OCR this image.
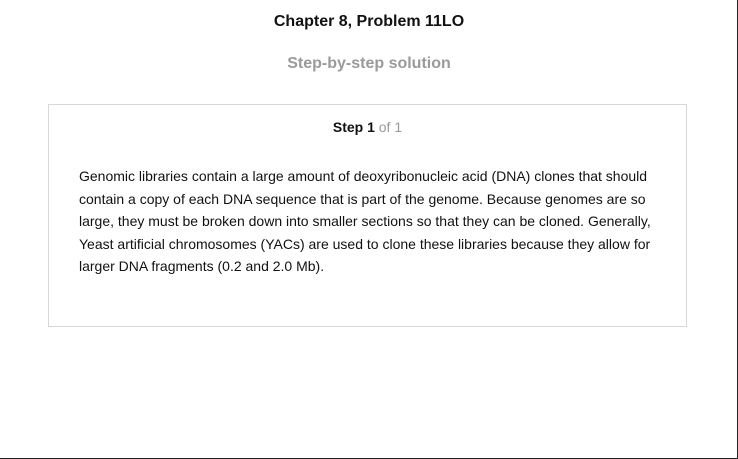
Chapter 8, Problem 11LO
Step-by-step solution
Step 1 of 1

Genomic libraries contain a large amount of deoxyribonucleic acid (DNA) clones that should contain a copy of each DNA sequence that is part of the genome. Because genomes are so large, they must be broken down into smaller sections so that they can be cloned. Generally, Yeast artificial chromosomes (YACs) are used to clone these libraries because they allow for larger DNA fragments (0.2 and 2.0 Mb).
